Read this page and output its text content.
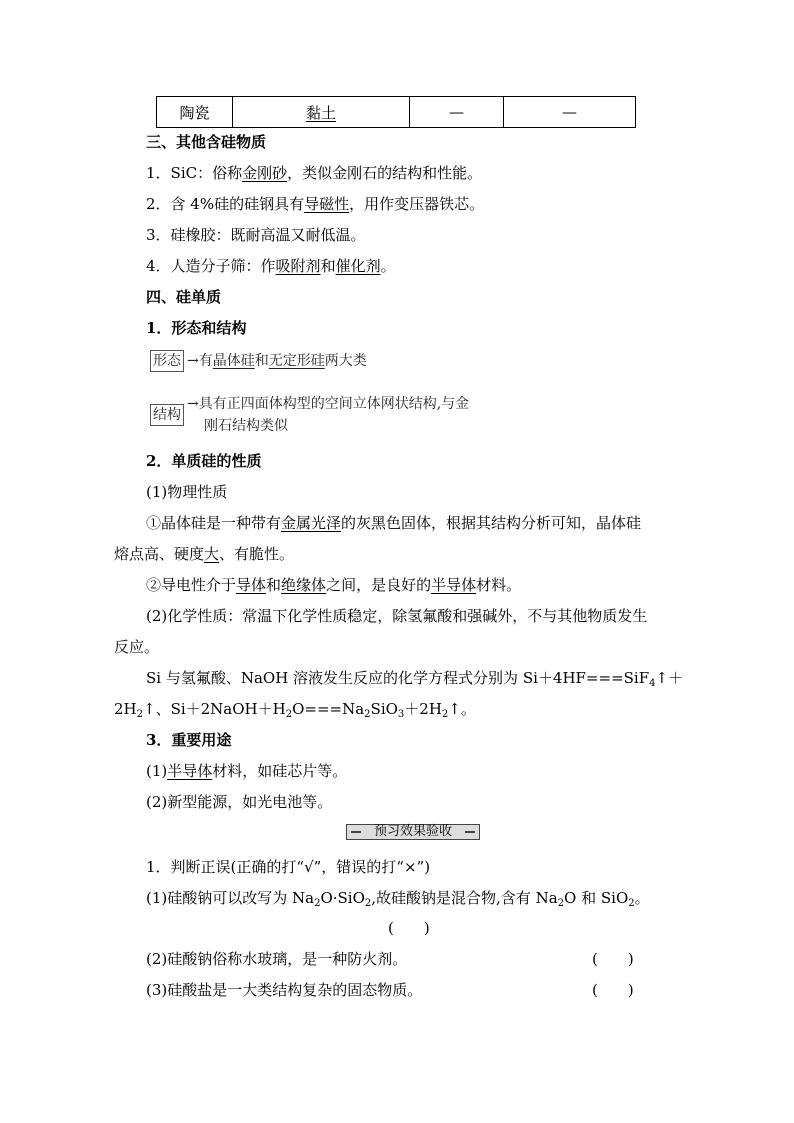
陶瓷	黏土	—	—
三、其他含硅物质
1．SiC：俗称金刚砂，类似金刚石的结构和性能。
2．含 4%硅的硅钢具有导磁性，用作变压器铁芯。
3．硅橡胶：既耐高温又耐低温。
4．人造分子筛：作吸附剂和催化剂。
四、硅单质
1．形态和结构
形态 →有晶体硅和无定形硅两大类
结构
→具有正四面体构型的空间立体网状结构,与金
刚石结构类似
2．单质硅的性质
(1)物理性质
①晶体硅是一种带有金属光泽的灰黑色固体，根据其结构分析可知，晶体硅
熔点高、硬度大、有脆性。
②导电性介于导体和绝缘体之间，是良好的半导体材料。
(2)化学性质：常温下化学性质稳定，除氢氟酸和强碱外，不与其他物质发生
反应。
Si 与氢氟酸、NaOH 溶液发生反应的化学方程式分别为 Si＋4HF===SiF$_4$↑＋
$2H_2↑$、$Si+2NaOH+H_2O===Na_2SiO_3+2H_2↑$。
3．重要用途
(1)半导体材料，如硅芯片等。
(2)新型能源，如光电池等。
预习效果验收
1．判断正误(正确的打“√”，错误的打“×”)
(1)硅酸钠可以改写为 $Na_2O\cdot SiO_2$,故硅酸钠是混合物,含有 $Na_2O$ 和 SiO$_2$。
(　　)
(2)硅酸钠俗称水玻璃，是一种防火剂。	(　　)
(3)硅酸盐是一大类结构复杂的固态物质。	(　　)
